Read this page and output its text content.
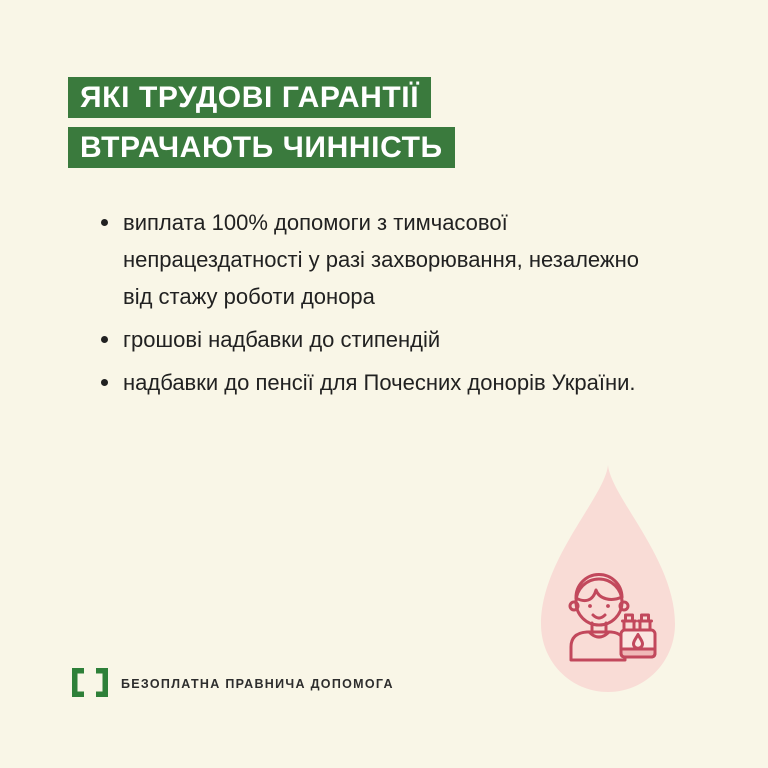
ЯКІ ТРУДОВІ ГАРАНТІЇ
ВТРАЧАЮТЬ ЧИННІСТЬ
виплата 100% допомоги з тимчасової
непрацездатності у разі захворювання, незалежно
від стажу роботи донора
грошові надбавки до стипендій
надбавки до пенсії для Почесних донорів України.
БЕЗОПЛАТНА ПРАВНИЧА ДОПОМОГА
